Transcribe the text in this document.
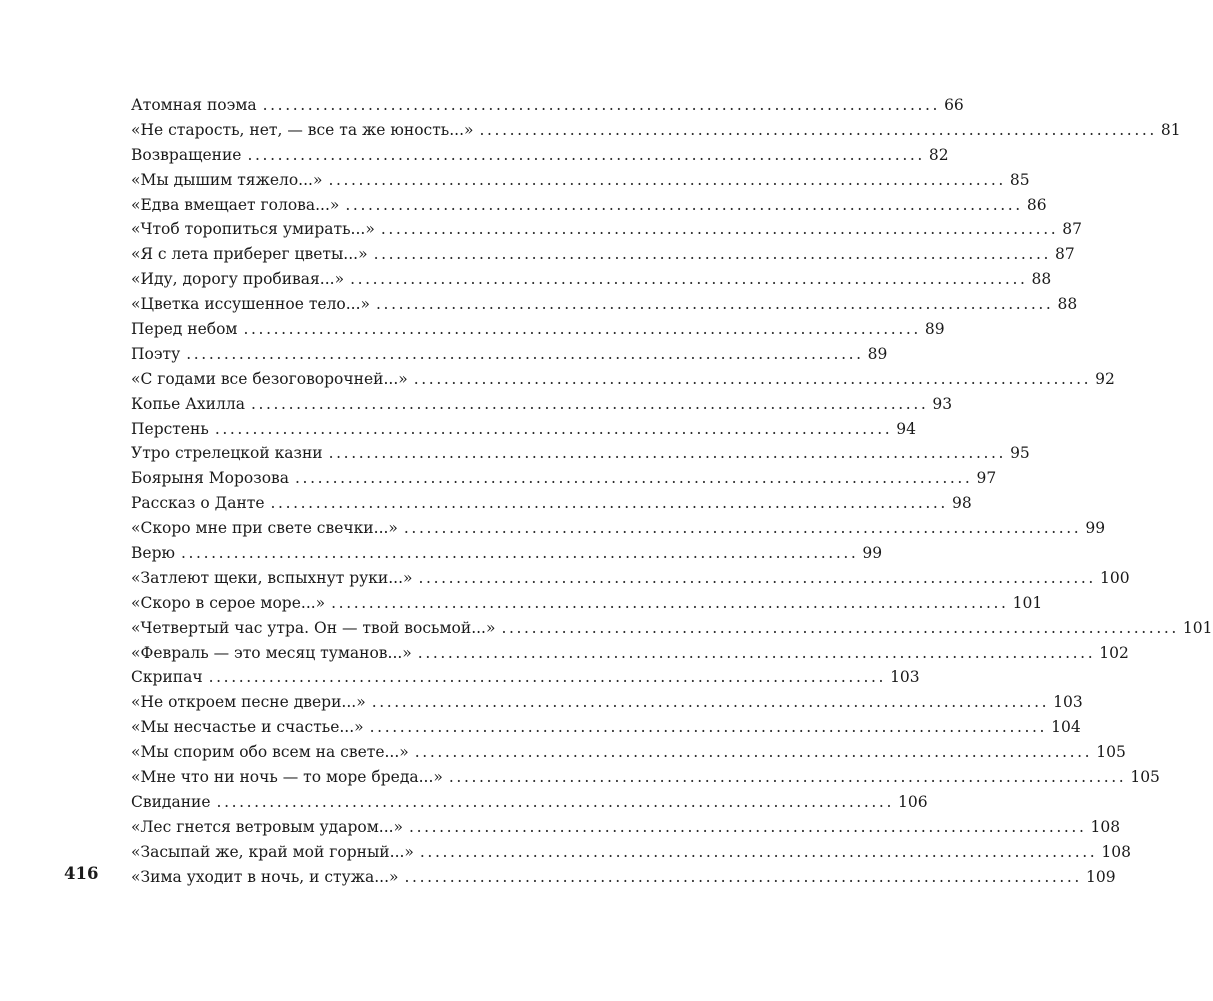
416
Атомная поэма .......................................................................................... 66
«Не старость, нет, — все та же юность...» .......................................................................................... 81
Возвращение .......................................................................................... 82
«Мы дышим тяжело...» .......................................................................................... 85
«Едва вмещает голова...» .......................................................................................... 86
«Чтоб торопиться умирать...» .......................................................................................... 87
«Я с лета приберег цветы...» .......................................................................................... 87
«Иду, дорогу пробивая...» .......................................................................................... 88
«Цветка иссушенное тело...» .......................................................................................... 88
Перед небом .......................................................................................... 89
Поэту .......................................................................................... 89
«С годами все безоговорочней...» .......................................................................................... 92
Копье Ахилла .......................................................................................... 93
Перстень .......................................................................................... 94
Утро стрелецкой казни .......................................................................................... 95
Боярыня Морозова .......................................................................................... 97
Рассказ о Данте .......................................................................................... 98
«Скоро мне при свете свечки...» .......................................................................................... 99
Верю .......................................................................................... 99
«Затлеют щеки, вспыхнут руки...» .......................................................................................... 100
«Скоро в серое море...» .......................................................................................... 101
«Четвертый час утра. Он — твой восьмой...» .......................................................................................... 101
«Февраль — это месяц туманов...» .......................................................................................... 102
Скрипач .......................................................................................... 103
«Не откроем песне двери...» .......................................................................................... 103
«Мы несчастье и счастье...» .......................................................................................... 104
«Мы спорим обо всем на свете...» .......................................................................................... 105
«Мне что ни ночь — то море бреда...» .......................................................................................... 105
Свидание .......................................................................................... 106
«Лес гнется ветровым ударом...» .......................................................................................... 108
«Засыпай же, край мой горный...» .......................................................................................... 108
«Зима уходит в ночь, и стужа...» .......................................................................................... 109
